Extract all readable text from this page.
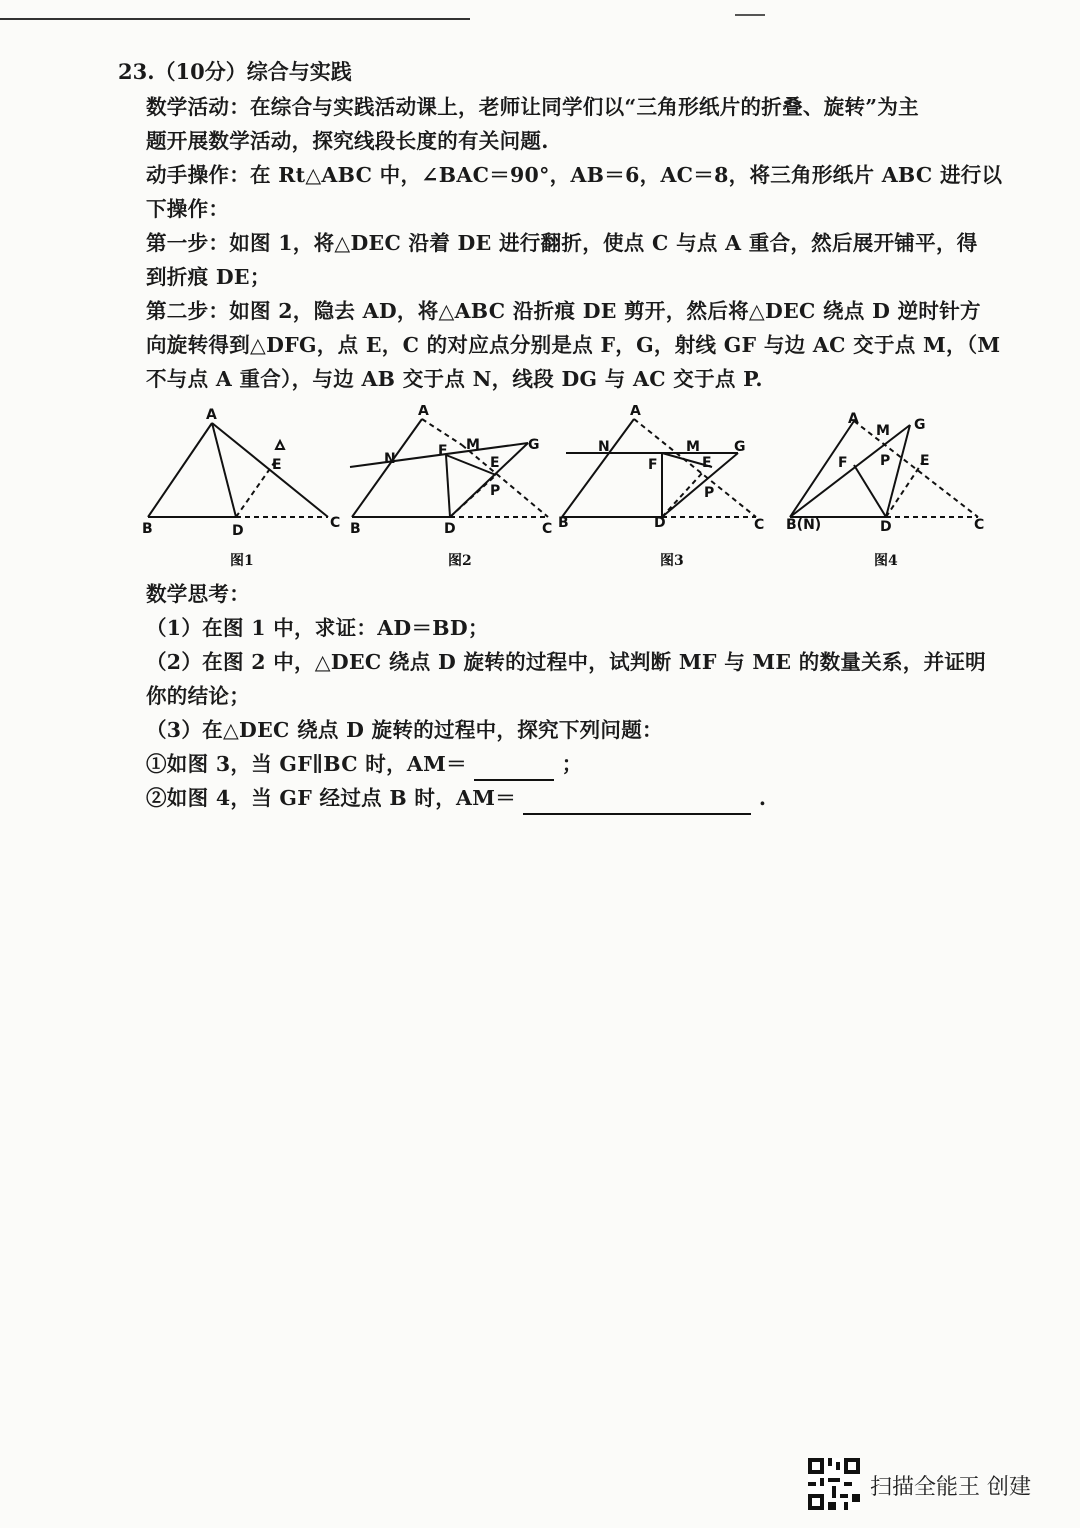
23.（10分）综合与实践
数学活动：在综合与实践活动课上，老师让同学们以“三角形纸片的折叠、旋转”为主
题开展数学活动，探究线段长度的有关问题.
动手操作：在 Rt△ABC 中，∠BAC＝90°，AB＝6，AC＝8，将三角形纸片 ABC 进行以
下操作：
第一步：如图 1，将△DEC 沿着 DE 进行翻折，使点 C 与点 A 重合，然后展开铺平，得
到折痕 DE；
第二步：如图 2，隐去 AD，将△ABC 沿折痕 DE 剪开，然后将△DEC 绕点 D 逆时针方
向旋转得到△DFG，点 E，C 的对应点分别是点 F，G，射线 GF 与边 AC 交于点 M，（M
不与点 A 重合），与边 AB 交于点 N，线段 DG 与 AC 交于点 P.
A
B	C
D
E
图1
A
B	C
D
E
F	G
M
N
P
图2
A
B	C
D
E
F
G
M
N
P
图3
A
B(N)	C
D
E
F
G
M
P
图4
数学思考：
（1）在图 1 中，求证：AD＝BD；
（2）在图 2 中，△DEC 绕点 D 旋转的过程中，试判断 MF 与 ME 的数量关系，并证明
你的结论；
（3）在△DEC 绕点 D 旋转的过程中，探究下列问题：
①如图 3，当 GF∥BC 时，AM＝	；
②如图 4，当 GF 经过点 B 时，AM＝	.
扫描全能王 创建
